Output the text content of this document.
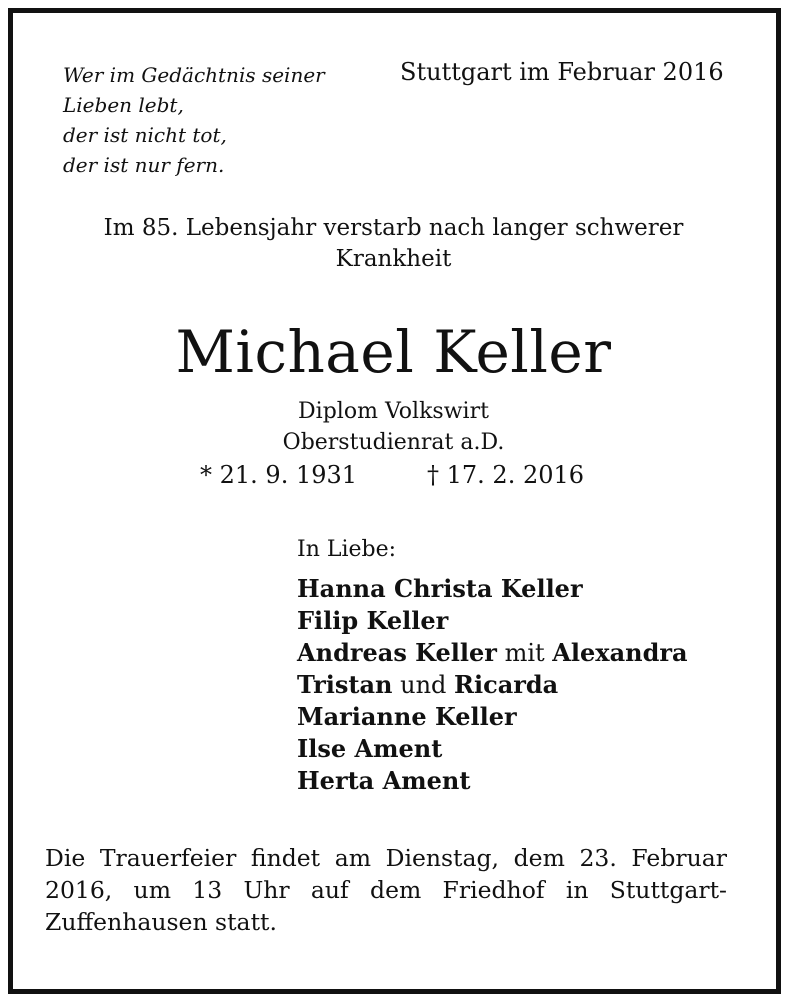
Wer im Gedächtnis seiner
Lieben lebt,
der ist nicht tot,
der ist nur fern.
Stuttgart im Februar 2016
Im 85. Lebensjahr verstarb nach langer schwerer
Krankheit
Michael Keller
Diplom Volkswirt
Oberstudienrat a.D.
* 21. 9. 1931	† 17. 2. 2016
In Liebe:
Hanna Christa Keller
Filip Keller
Andreas Keller mit Alexandra
Tristan und Ricarda
Marianne Keller
Ilse Ament
Herta Ament
Die Trauerfeier findet am Dienstag, dem 23. Februar
2016, um 13 Uhr auf dem Friedhof in Stuttgart-
Zuffenhausen statt.
